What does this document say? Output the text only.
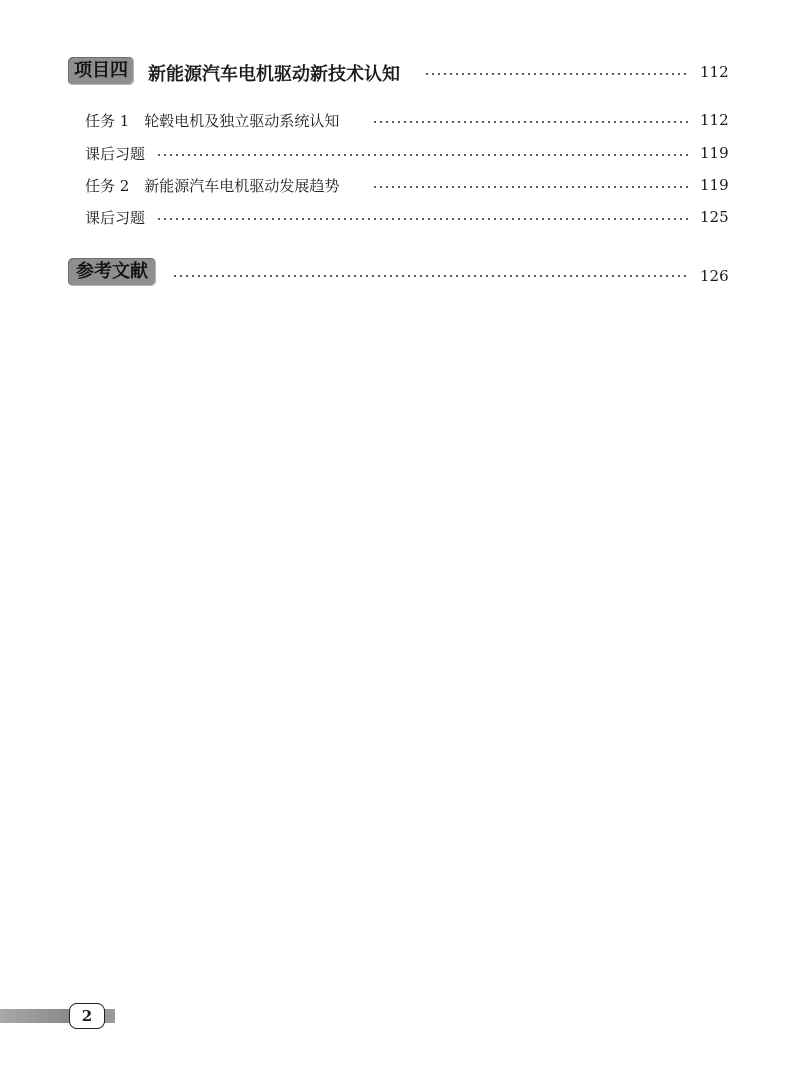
项目四	新能源汽车电机驱动新技术认知	112
任务 1　轮毂电机及独立驱动系统认知	112
课后习题	119
任务 2　新能源汽车电机驱动发展趋势	119
课后习题	125
参考文献	126
2
